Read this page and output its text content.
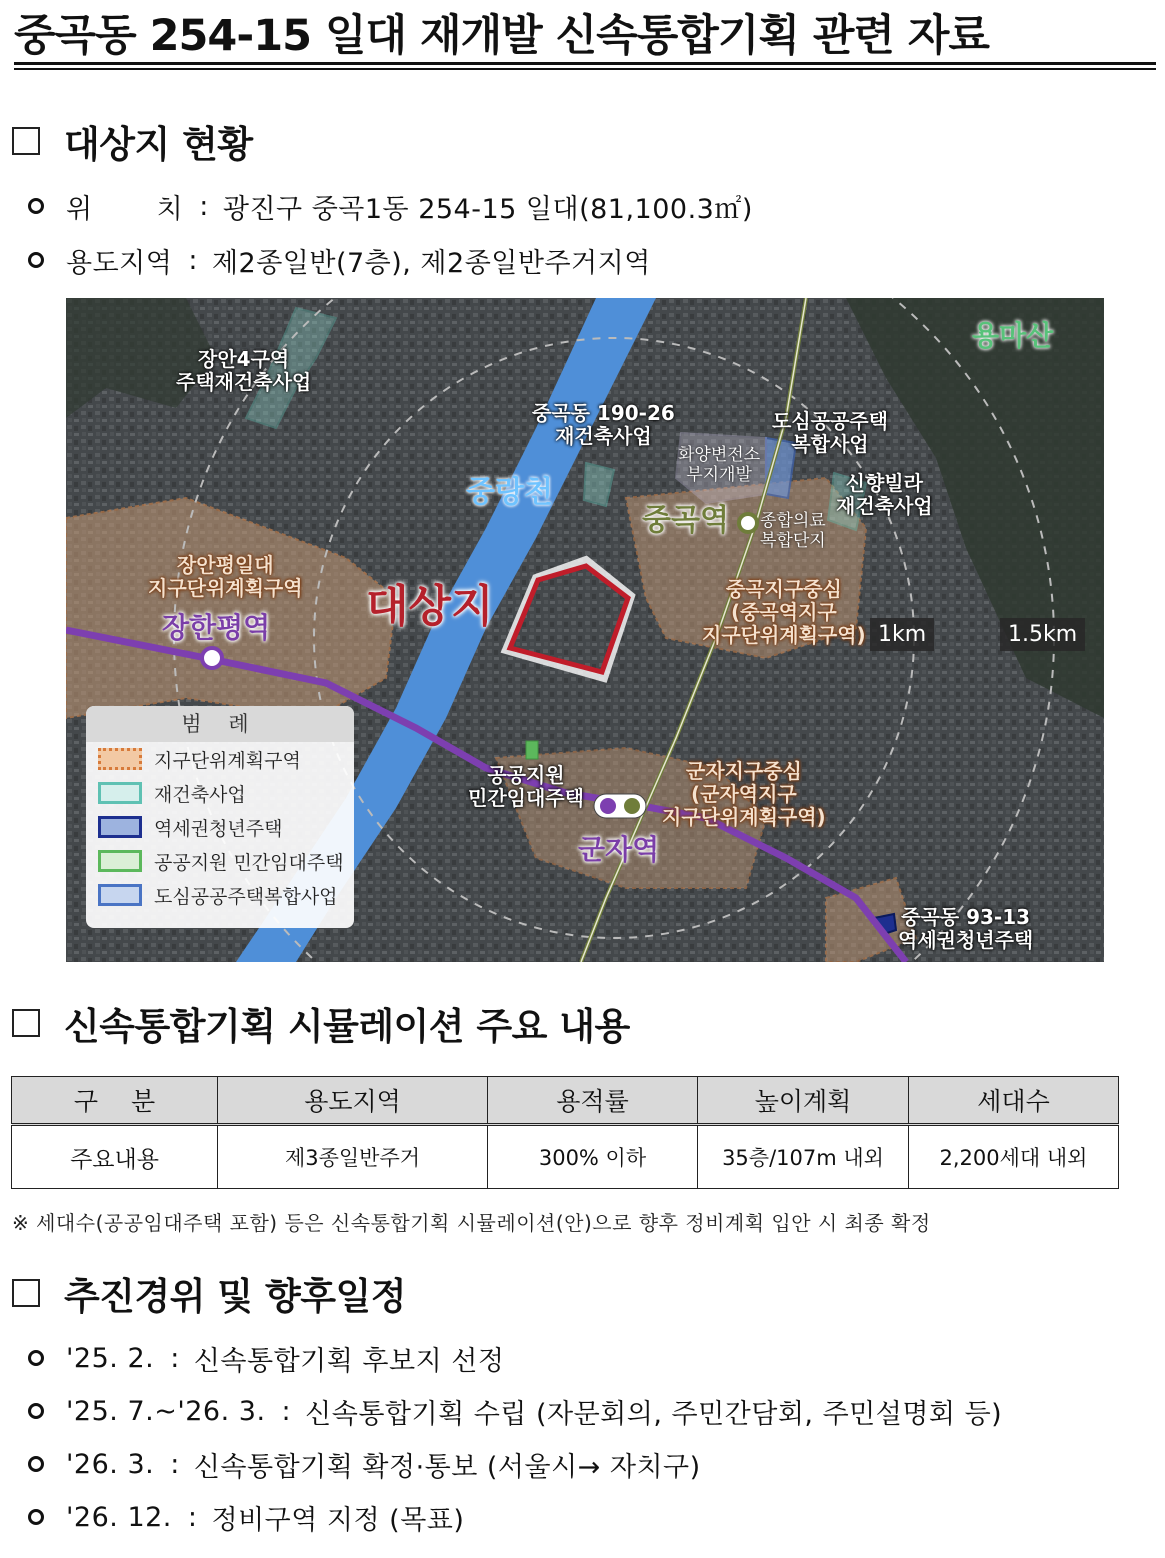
중곡동 254-15 일대 재개발 신속통합기획 관련 자료
대상지 현황
위 　　치 : 광진구 중곡1동 254-15 일대(81,100.3㎡)
용도지역 : 제2종일반(7층), 제2종일반주거지역
용마산
장안4구역
주택재건축사업
중곡동 190-26
재건축사업
도심공공주택
복합사업
화양변전소
부지개발	신향빌라
재건축사업
중랑천
중곡역 종합의료
복합단지
장안평일대
지구단위계획구역	중곡지구중심
(중곡역지구
지구단위계획구역)
대상지
장한평역	1km	1.5km
공공지원
민간임대주택
군자지구중심
(군자역지구
지구단위계획구역)
군자역
중곡동 93-13
역세권청년주택
범 례
지구단위계획구역
재건축사업
역세권청년주택
공공지원 민간임대주택
도심공공주택복합사업
신속통합기획 시뮬레이션 주요 내용
구　 분	용도지역	용적률	높이계획	세대수
주요내용	제3종일반주거	300% 이하	35층/107m 내외	2,200세대 내외
※ 세대수(공공임대주택 포함) 등은 신속통합기획 시뮬레이션(안)으로 향후 정비계획 입안 시 최종 확정
추진경위 및 향후일정
'25. 2. : 신속통합기획 후보지 선정
'25. 7.~'26. 3. : 신속통합기획 수립 (자문회의, 주민간담회, 주민설명회 등)
'26. 3. : 신속통합기획 확정·통보 (서울시→ 자치구)
'26. 12. : 정비구역 지정 (목표)
